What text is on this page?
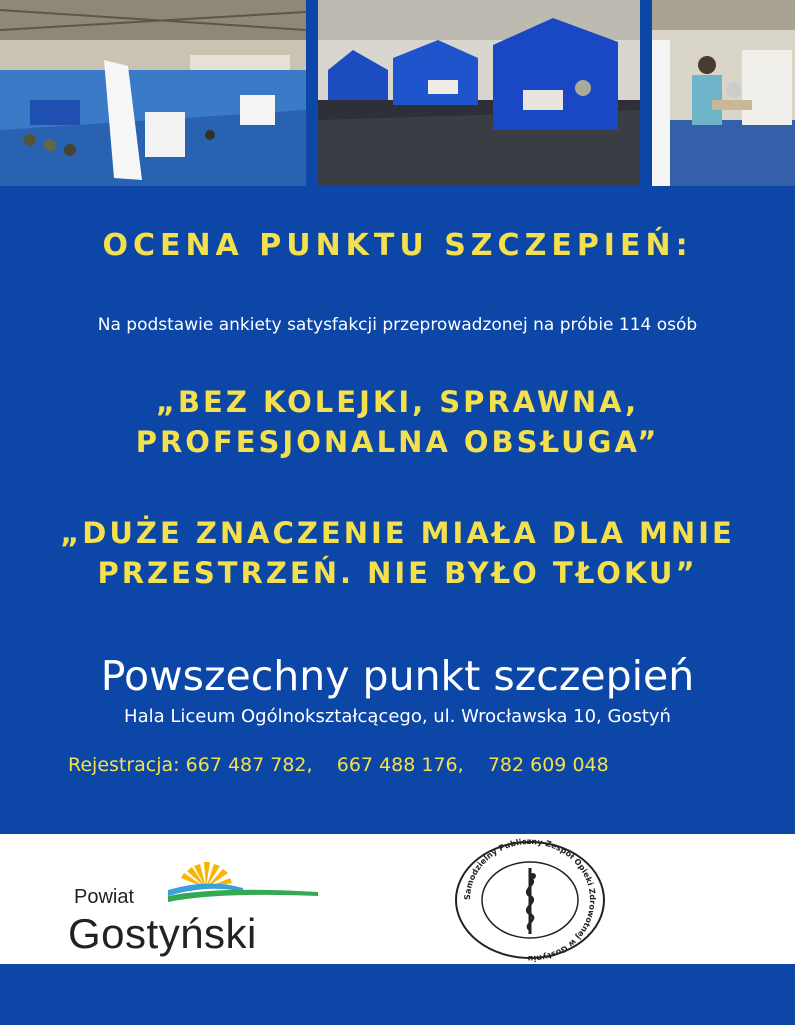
OCENA PUNKTU SZCZEPIEŃ:
Na podstawie ankiety satysfakcji przeprowadzonej na próbie 114 osób
„BEZ KOLEJKI, SPRAWNA,
PROFESJONALNA OBSŁUGA”
„DUŻE ZNACZENIE MIAŁA DLA MNIE
PRZESTRZEŃ. NIE BYŁO TŁOKU”
Powszechny punkt szczepień
Hala Liceum Ogólnokształcącego, ul. Wrocławska 10, Gostyń
Rejestracja: 667 487 782, 667 488 176, 782 609 048
Powiat
Gostyński
Samodzielny Publiczny Zespół Opieki Zdrowotnej w Gostyniu
